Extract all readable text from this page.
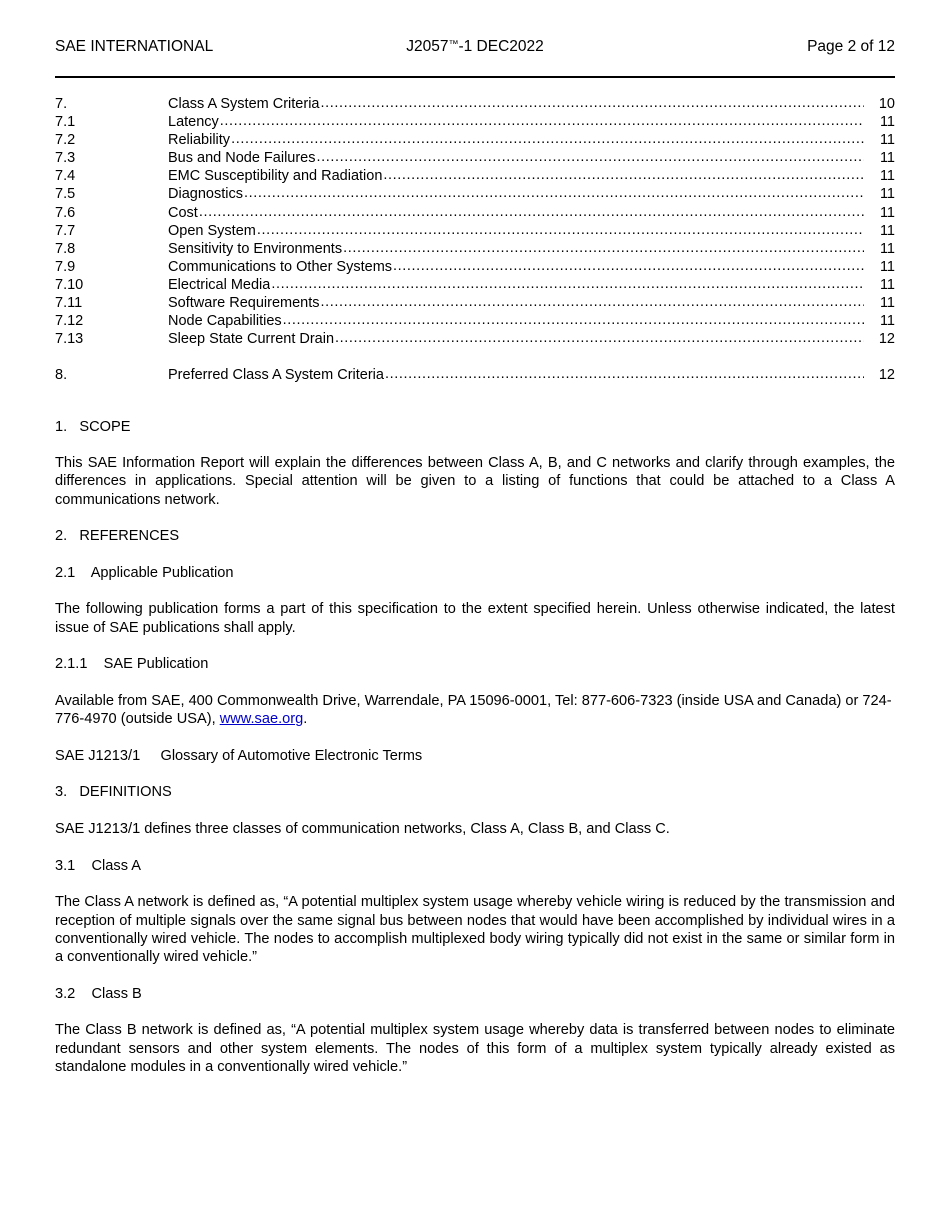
SAE INTERNATIONAL	J2057™-1 DEC2022	Page 2 of 12
7.	Class A System Criteria .....	10
7.1	Latency .....	11
7.2	Reliability .....	11
7.3	Bus and Node Failures .....	11
7.4	EMC Susceptibility and Radiation .....	11
7.5	Diagnostics .....	11
7.6	Cost .....	11
7.7	Open System .....	11
7.8	Sensitivity to Environments .....	11
7.9	Communications to Other Systems .....	11
7.10	Electrical Media .....	11
7.11	Software Requirements .....	11
7.12	Node Capabilities .....	11
7.13	Sleep State Current Drain .....	12
8.	Preferred Class A System Criteria .....	12
1.   SCOPE

This SAE Information Report will explain the differences between Class A, B, and C networks and clarify through examples, the differences in applications. Special attention will be given to a listing of functions that could be attached to a Class A communications network.

2.   REFERENCES
2.1    Applicable Publication

The following publication forms a part of this specification to the extent specified herein. Unless otherwise indicated, the latest issue of SAE publications shall apply.

2.1.1    SAE Publication

Available from SAE, 400 Commonwealth Drive, Warrendale, PA 15096-0001, Tel: 877-606-7323 (inside USA and Canada) or 724-776-4970 (outside USA), www.sae.org.

SAE J1213/1     Glossary of Automotive Electronic Terms
3.   DEFINITIONS

SAE J1213/1 defines three classes of communication networks, Class A, Class B, and Class C.

3.1    Class A

The Class A network is defined as, “A potential multiplex system usage whereby vehicle wiring is reduced by the transmission and reception of multiple signals over the same signal bus between nodes that would have been accomplished by individual wires in a conventionally wired vehicle. The nodes to accomplish multiplexed body wiring typically did not exist in the same or similar form in a conventionally wired vehicle.”

3.2    Class B

The Class B network is defined as, “A potential multiplex system usage whereby data is transferred between nodes to eliminate redundant sensors and other system elements. The nodes of this form of a multiplex system typically already existed as standalone modules in a conventionally wired vehicle.”
